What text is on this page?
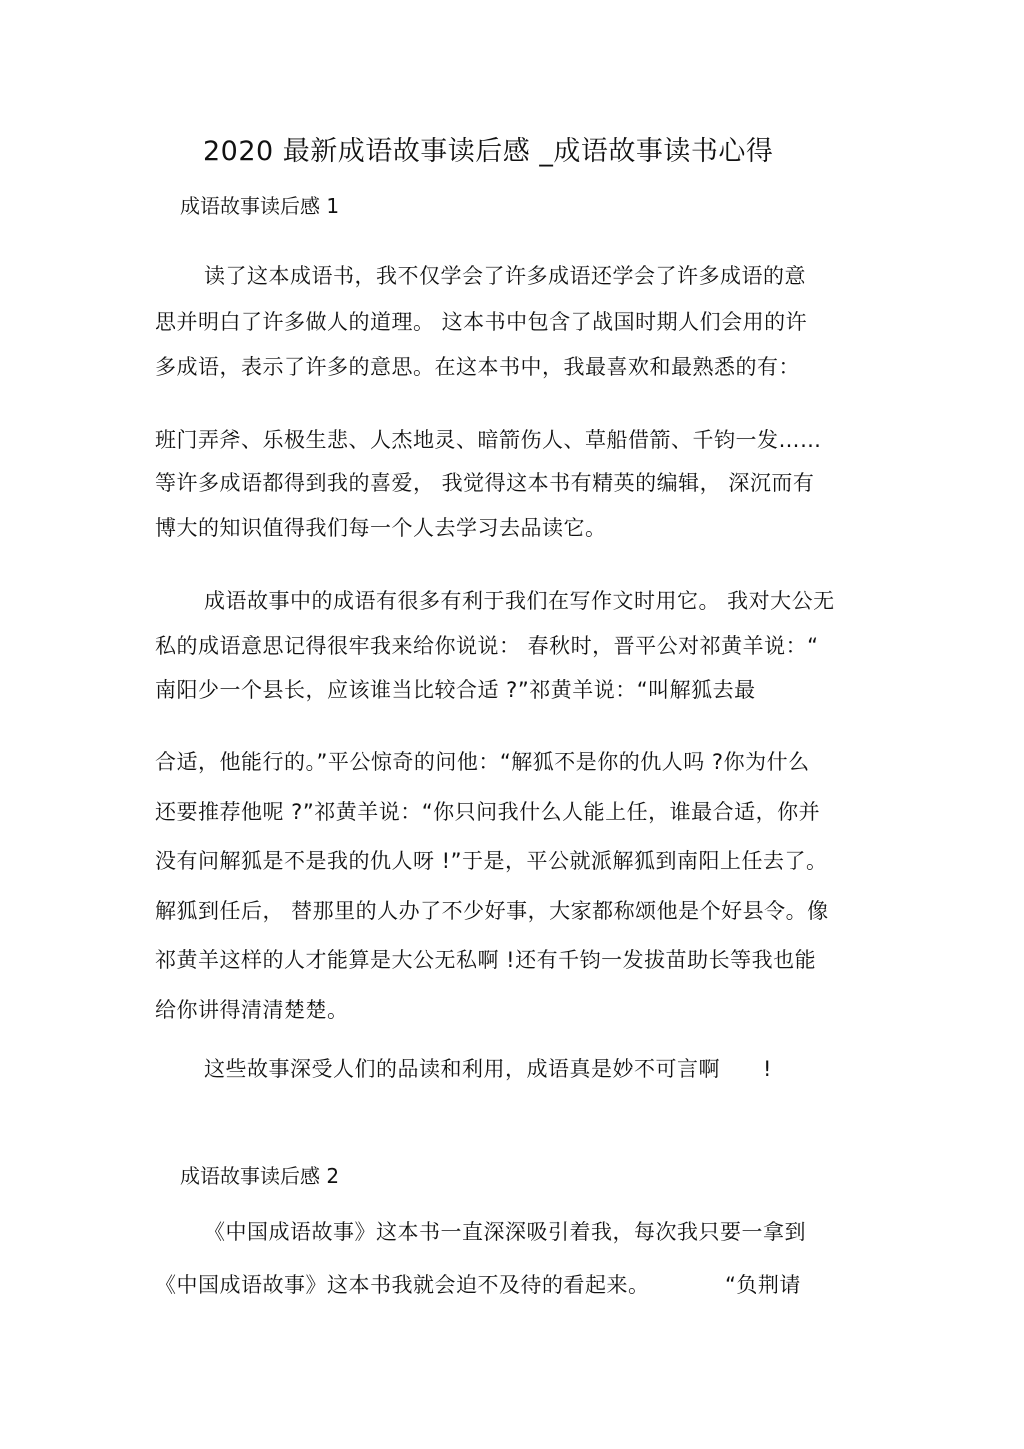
2020 最新成语故事读后感 _成语故事读书心得
成语故事读后感 1
读了这本成语书，我不仅学会了许多成语还学会了许多成语的意
思并明白了许多做人的道理。 这本书中包含了战国时期人们会用的许
多成语，表示了许多的意思。在这本书中，我最喜欢和最熟悉的有：
班门弄斧、乐极生悲、人杰地灵、暗箭伤人、草船借箭、千钧一发……
等许多成语都得到我的喜爱， 我觉得这本书有精英的编辑， 深沉而有
博大的知识值得我们每一个人去学习去品读它。
成语故事中的成语有很多有利于我们在写作文时用它。 我对大公无
私的成语意思记得很牢我来给你说说： 春秋时，晋平公对祁黄羊说：“
南阳少一个县长，应该谁当比较合适 ?”祁黄羊说：“叫解狐去最
合适，他能行的。”平公惊奇的问他：“解狐不是你的仇人吗 ?你为什么
还要推荐他呢 ?”祁黄羊说：“你只问我什么人能上任，谁最合适，你并
没有问解狐是不是我的仇人呀 !”于是，平公就派解狐到南阳上任去了。
解狐到任后， 替那里的人办了不少好事，大家都称颂他是个好县令。像
祁黄羊这样的人才能算是大公无私啊 !还有千钧一发拔苗助长等我也能
给你讲得清清楚楚。
这些故事深受人们的品读和利用，成语真是妙不可言啊　　!
成语故事读后感 2
《中国成语故事》这本书一直深深吸引着我，每次我只要一拿到
《中国成语故事》这本书我就会迫不及待的看起来。　　　　“负荆请
